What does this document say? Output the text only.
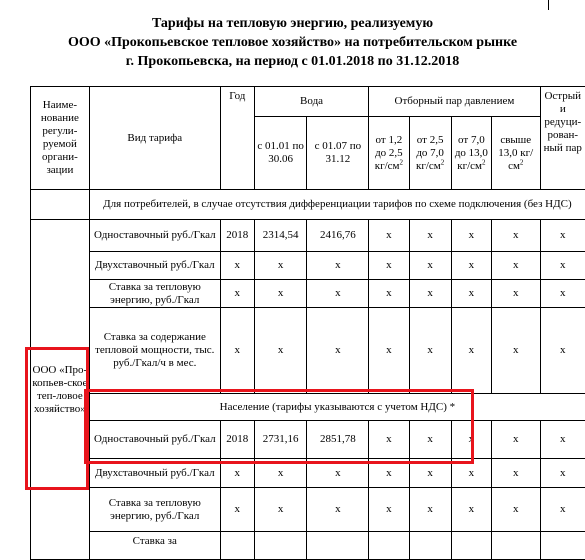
Тарифы на тепловую энергию, реализуемую
ООО «Прокопьевское тепловое хозяйство» на потребительском рынке
г. Прокопьевска, на период с 01.01.2018 по 31.12.2018
Наиме-нование регули-руемой органи-зации	Вид тарифа	Год	Вода		Отборный пар давлением				Острый и редуци-рован-ный пар
			с 01.01 по 30.06	с 01.07 по 31.12	от 1,2 до 2,5 $кг/см^2$	от 2,5 до 7,0 $кг/см^2$	от 7,0 до 13,0 $кг/см^2$	свыше 13,0 $кг/см^2$
	Для потребителей, в случае отсутствия дифференциации тарифов по схеме подключения (без НДС)								
ООО «Про-копьев-ское теп-ловое хозяйство»	Одноставочный руб./Гкал	2018	2314,54	2416,76	х	х	х	х	х
	Двухставочный руб./Гкал	х	х	х	х	х	х	х	х
	Ставка за тепловую энергию, руб./Гкал	х	х	х	х	х	х	х	х
	Ставка за содержание тепловой мощности, тыс. руб./Гкал/ч в мес.	х	х	х	х	х	х	х	х
	Население (тарифы указываются с учетом НДС) *								
	Одноставочный руб./Гкал	2018	2731,16	2851,78	х	х	х	х	х
	Двухставочный руб./Гкал	х	х	х	х	х	х	х	х
	Ставка за тепловую энергию, руб./Гкал	х	х	х	х	х	х	х	х
	Ставка за								
